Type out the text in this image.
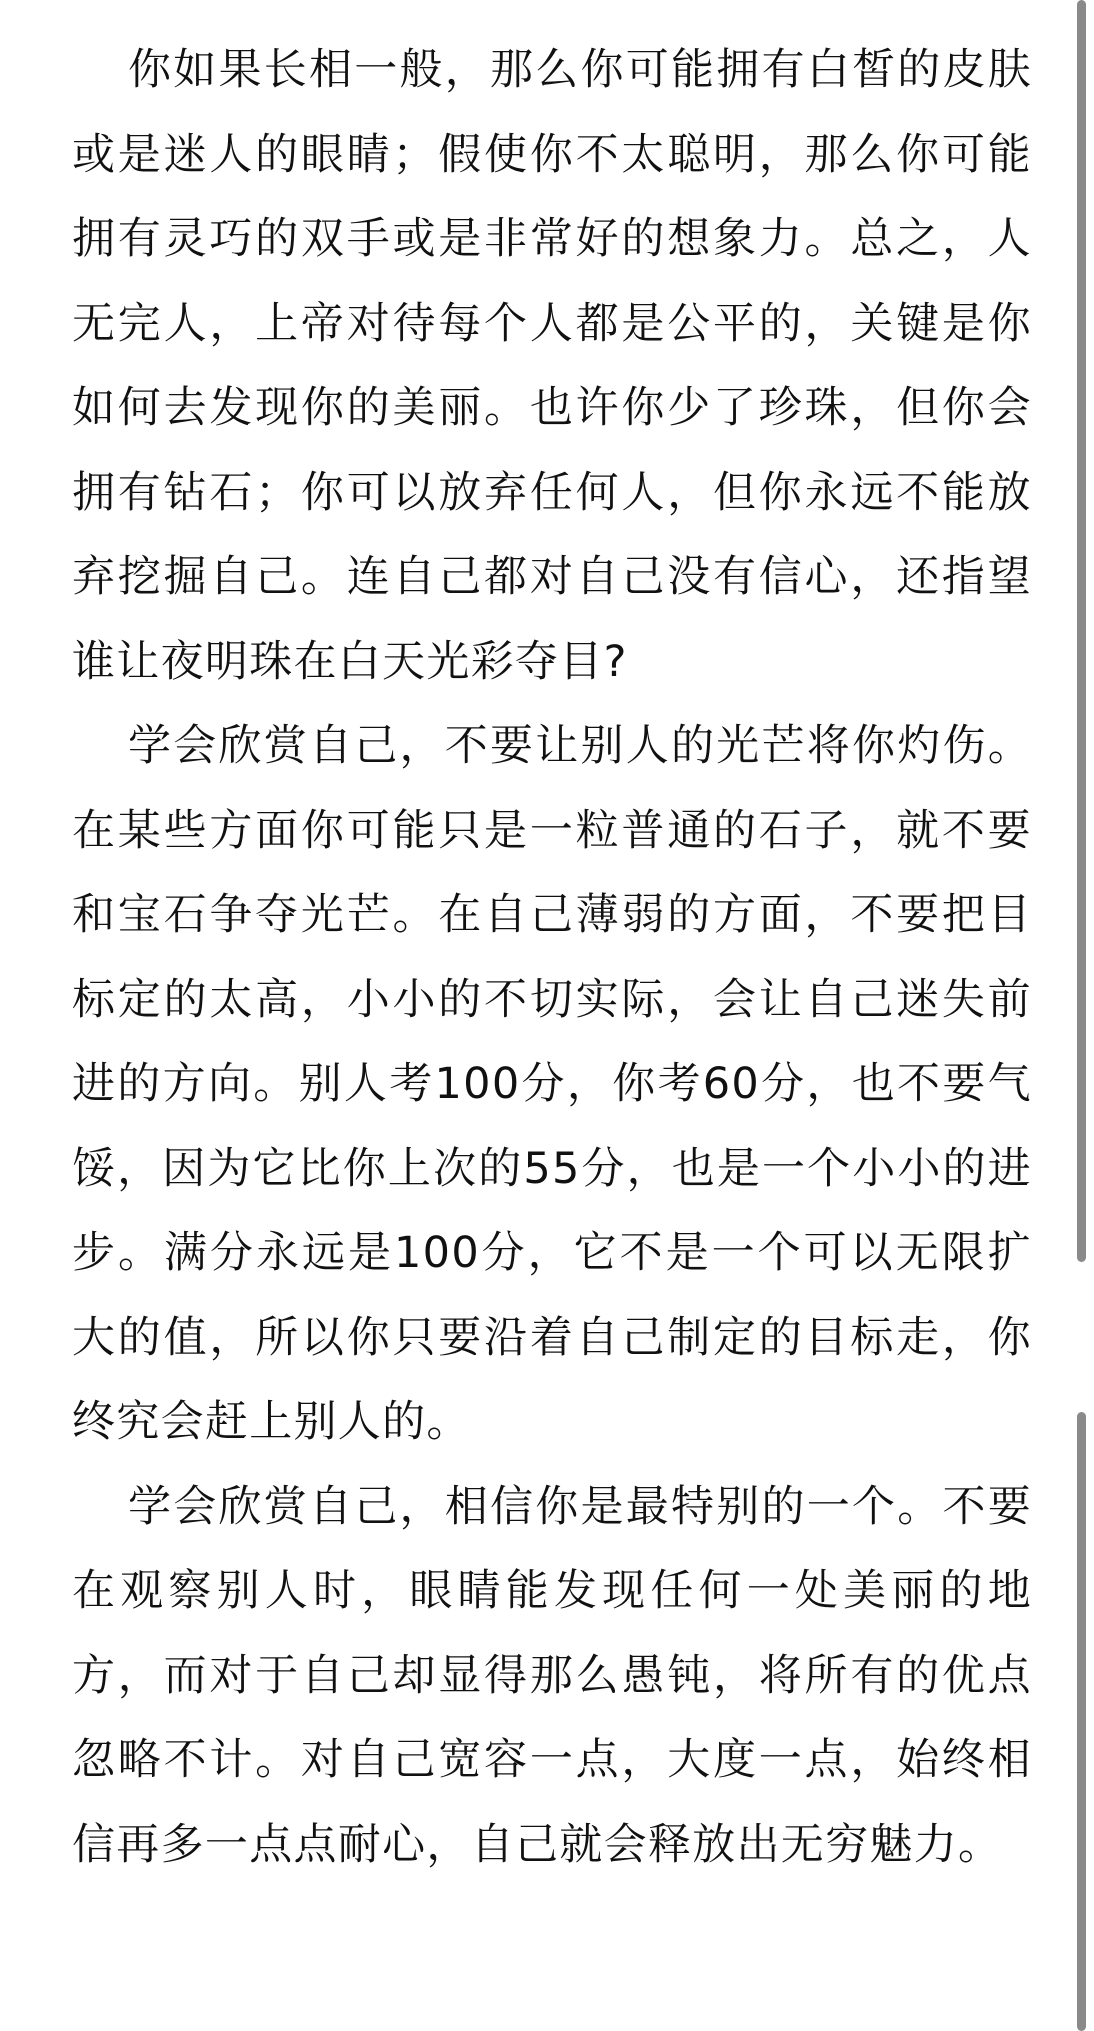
你如果长相一般，那么你可能拥有白皙的皮肤或是迷人的眼睛；假使你不太聪明，那么你可能拥有灵巧的双手或是非常好的想象力。总之，人无完人，上帝对待每个人都是公平的，关键是你如何去发现你的美丽。也许你少了珍珠，但你会拥有钻石；你可以放弃任何人，但你永远不能放弃挖掘自己。连自己都对自己没有信心，还指望谁让夜明珠在白天光彩夺目?

学会欣赏自己，不要让别人的光芒将你灼伤。在某些方面你可能只是一粒普通的石子，就不要和宝石争夺光芒。在自己薄弱的方面，不要把目标定的太高，小小的不切实际，会让自己迷失前进的方向。别人考100分，你考60分，也不要气馁，因为它比你上次的55分，也是一个小小的进步。满分永远是100分，它不是一个可以无限扩大的值，所以你只要沿着自己制定的目标走，你终究会赶上别人的。

学会欣赏自己，相信你是最特别的一个。不要在观察别人时，眼睛能发现任何一处美丽的地方，而对于自己却显得那么愚钝，将所有的优点忽略不计。对自己宽容一点，大度一点，始终相信再多一点点耐心，自己就会释放出无穷魅力。
